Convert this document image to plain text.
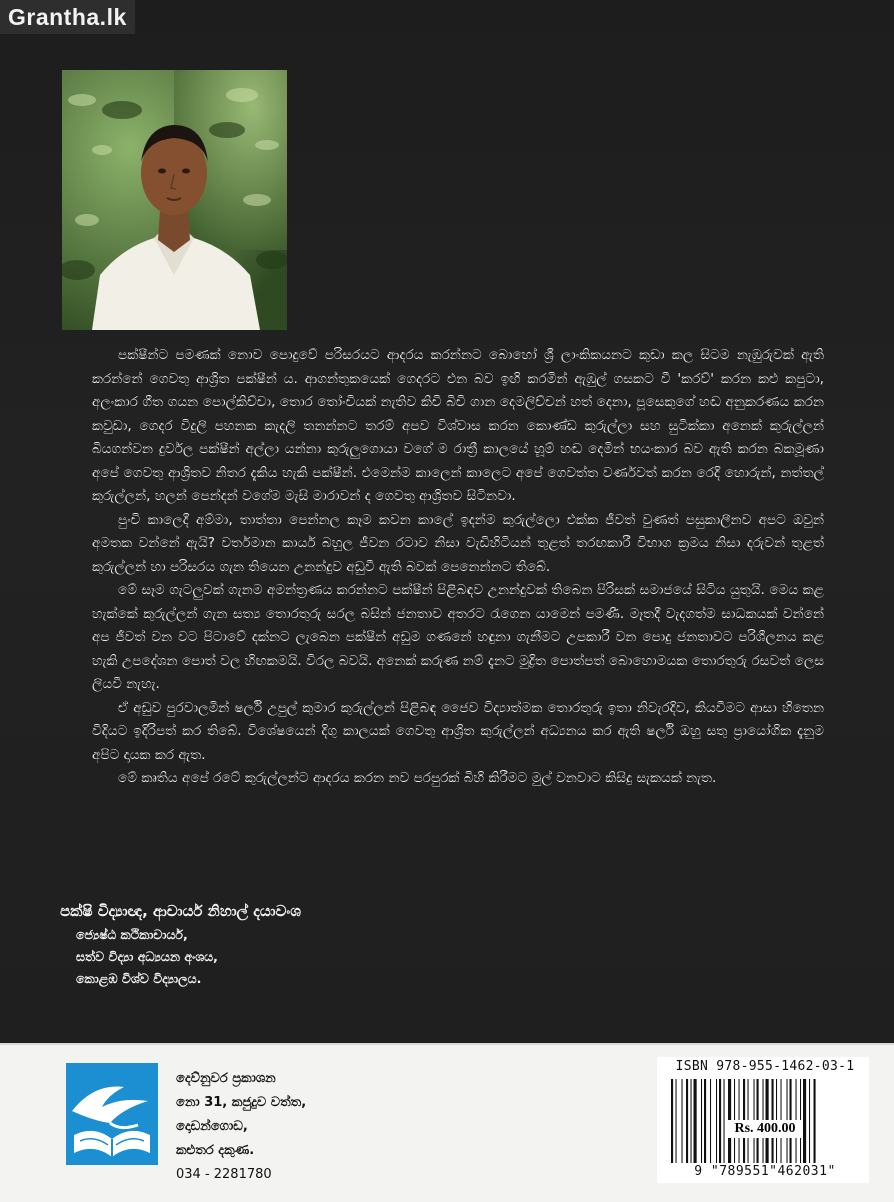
Grantha.lk

පක්ෂීන්ට පමණක් නොව පොදුවේ පරිසරයට ආදරය කරන්නට බොහෝ ශ්‍රී ලාංකිකයනට කුඩා කල සිටම නැඹුරුවක් ඇති කරන්නේ ගෙවතු ආශ්‍රිත පක්ෂීන් ය. ආගන්තුකයෙක් ගෙදරට එන බව ඉඟි කරමින් ඇඹුල් ගසකට වී 'කරව්' කරන කළු කපුටා, අලංකාර ගීත ගයන පොල්කිච්චා, තොර තෝංචියක් නැතිව කිචි බිචි ගාන දෙමලිච්චන් හත් දෙනා, පූසෙකුගේ හඬ අනුකරණය කරන කවුඩා, ගෙදර විදුලි පහනක කැදලි තනන්නට තරම් අපව විශ්වාස කරන කොණ්ඩ කුරුල්ලා සහ සුටික්කා අනෙක් කුරුල්ලන් බියගන්වන දුර්වල පක්ෂීන් අල්ලා යන්නා කුරුලුගොයා වගේ ම රාත්‍රී කාලයේ හූම් හඬ දෙමින් භයංකාර බව ඇති කරන බකමූණා අපේ ගෙවතු ආශ්‍රිතව නිතර දැකිය හැකි පක්ෂීන්. එමෙන්ම කාලෙන් කාලෙට අපේ ගෙවත්ත වර්ණවත් කරන රෙදි හොරුන්, නත්තල් කුරුල්ලන්, හලන් පෙන්දන් වගේම මැසි මාරාවන් ද ගෙවතු ආශ්‍රිතව සිටිනවා.

පුංචි කාලෙදී අම්මා, තාත්තා පෙන්නල කෑම කවන කාලේ ඉදන්ම කුරුල්ලො එක්ක ජීවත් වුණත් පසුකාලීනව අපට ඔවුන් අමතක වන්නේ ඇයි? වර්තමාන කාර්ය බහුල ජීවන රටාව නිසා වැඩිහිටියන් තුළත් තරඟකාරී විභාග ක්‍රමය නිසා දරුවන් තුළත් කුරුල්ලන් හා පරිසරය ගැන තියෙන උනන්දුව අඩුවී ඇති බවක් පෙනෙන්නට තිබේ.

මේ සෑම ගැටලුවක් ගැනම අමන්ත්‍රණය කරන්නට පක්ෂීන් පිළිබඳව උනන්දුවක් තිබෙන පිරිසක් සමාජයේ සිටිය යුතුයි. මෙය කළ හැක්කේ කුරුල්ලන් ගැන සත්‍ය තොරතුරු සරල බසින් ජනතාව අතරට රැගෙන යාමෙන් පමණී. මෑතදී වැදගත්ම සාධකයක් වන්නේ අප ජීවත් වන වට පිටාවේ දක්නට ලැබෙන පක්ෂීන් අඩුම ගණනේ හඳුනා ගැනීමට උපකාරී වන පොදු ජනතාවට පරිශීලනය කළ හැකි උපදේශන පොත් වල හිඟකමයි. විරල බවයි. අනෙක් කරුණ නම් දැනට මුද්‍රිත පොත්පත් බොහොමයක තොරතුරු රසවත් ලෙස ලියවී නැහැ.

ඒ අඩුව පුරවාලමින් ෂර්ලි උපුල් කුමාර කුරුල්ලන් පිළිබඳ ජෛව විද්‍යාත්මක තොරතුරු ඉතා නිවැරදිව, කියවීමට ආසා හිතෙන විදියට ඉදිරිපත් කර තිබේ. විශේෂයෙන් දිගු කාලයක් ගෙවතු ආශ්‍රිත කුරුල්ලන් අධ්‍යනය කර ඇති ෂර්ලි ඔහු සතු ප්‍රායෝගික දැනුම අපිට දායක කර ඇත.

මේ කෘතිය අපේ රටේ කුරුල්ලන්ට ආදරය කරන නව පරපුරක් බිහි කිරීමට මුල් වනවාට කිසිදු සැකයක් නැත.

පක්ෂි විද්‍යාඥ, ආචාර්ය නිහාල් දයාවංශ
ජ්‍යෙෂ්ඨ කථිකාචාර්ය,
සත්ව විද්‍යා අධ්‍යයන අංශය,
කොළඹ විශ්ව විද්‍යාලය.
දෙව්නුවර ප්‍රකාශන
නො 31, කජුදුව වත්ත,
දොඩන්ගොඩ,
කළුතර දකුණ.
034 - 2281780
ISBN 978-955-1462-03-1
Rs. 400.00
9 "789551"462031"
